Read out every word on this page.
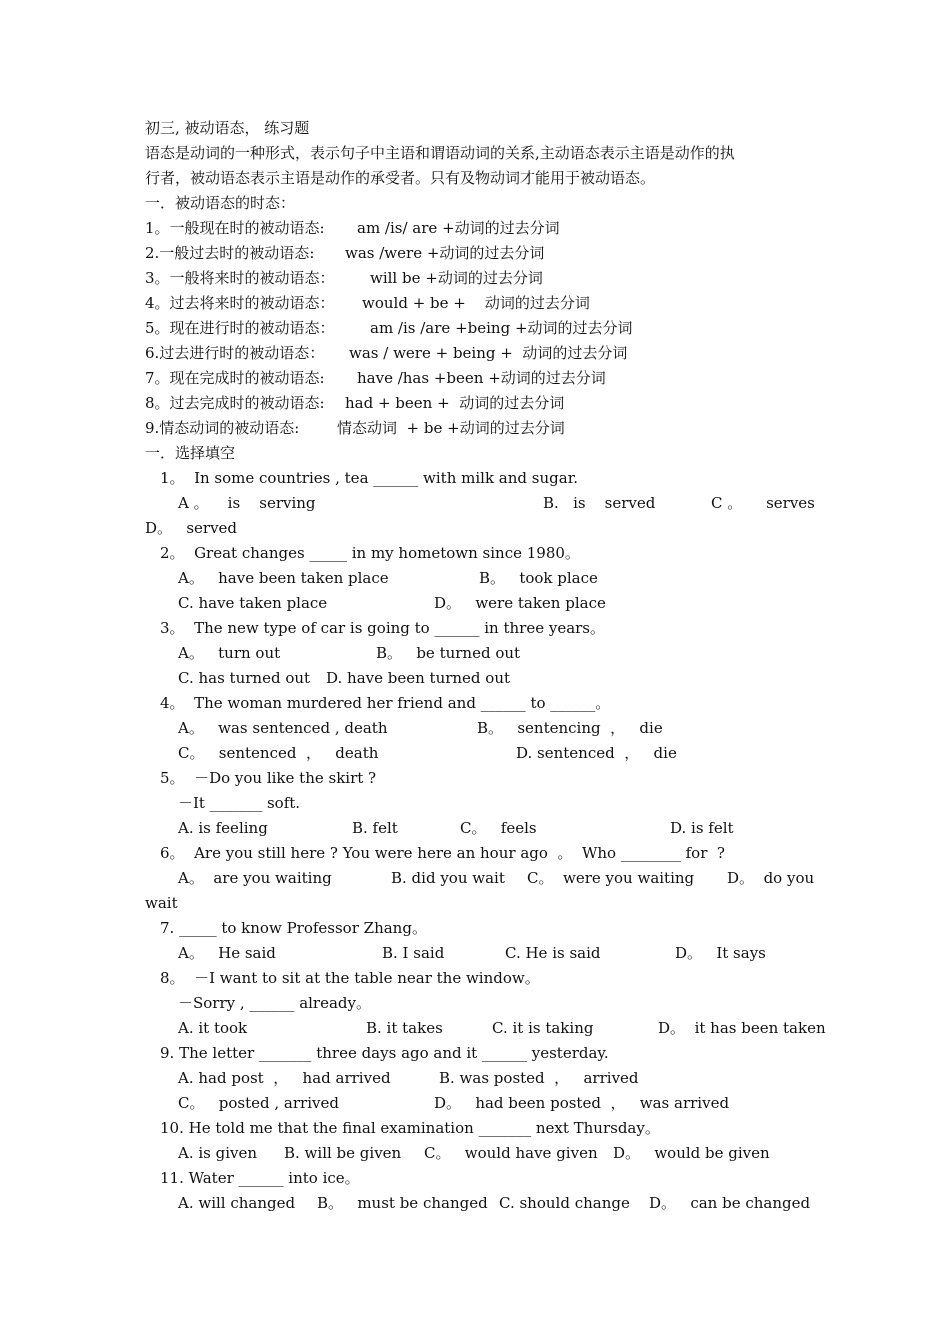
初三, 被动语态， 练习题
语态是动词的一种形式，表示句子中主语和谓语动词的关系,主动语态表示主语是动作的执
行者，被动语态表示主语是动作的承受者。只有及物动词才能用于被动语态。
一．被动语态的时态：
1。一般现在时的被动语态: am /is/ are +动词的过去分词
2.一般过去时的被动语态: was /were +动词的过去分词
3。一般将来时的被动语态： will be +动词的过去分词
4。过去将来时的被动语态： would + be +    动词的过去分词
5。现在进行时的被动语态： am /is /are +being +动词的过去分词
6.过去进行时的被动语态： was / were + being +  动词的过去分词
7。现在完成时的被动语态: have /has +been +动词的过去分词
8。过去完成时的被动语态: had + been +  动词的过去分词
9.情态动词的被动语态:	情态动词  + be +动词的过去分词
一．选择填空
1。  In some countries , tea ______ with milk and sugar.
A 。    is    serving	B.   is    served	C 。     serves
D。   served
2。  Great changes _____ in my hometown since 1980。
A。   have been taken place	B。   took place
C. have taken place	D。   were taken place
3。  The new type of car is going to ______ in three years。
A。   turn out	B。   be turned out
C. has turned out D. have been turned out
4。  The woman murdered her friend and ______ to ______。
A。   was sentenced , death	B。   sentencing  ，   die
C。   sentenced  ，   death	D. sentenced  ，   die
5。  －Do you like the skirt ?
－It _______ soft.
A. is feeling	B. felt	C。   feels	D. is felt
6。  Are you still here ? You were here an hour ago  。  Who ________ for  ?
A。  are you waiting	B. did you wait C。  were you waiting D。  do you
wait
7. _____ to know Professor Zhang。
A。   He said	B. I said	C. He is said	D。   It says
8。  －I want to sit at the table near the window。
－Sorry , ______ already。
A. it took	B. it takes	C. it is taking	D。  it has been taken
9. The letter _______ three days ago and it ______ yesterday.
A. had post  ，   had arrived	B. was posted  ，   arrived
C。   posted , arrived	D。   had been posted  ，   was arrived
10. He told me that the final examination _______ next Thursday。
A. is given B. will be given C。   would have given D。   would be given
11. Water ______ into ice。
A. will changed B。   must be changed C. should change D。   can be changed
